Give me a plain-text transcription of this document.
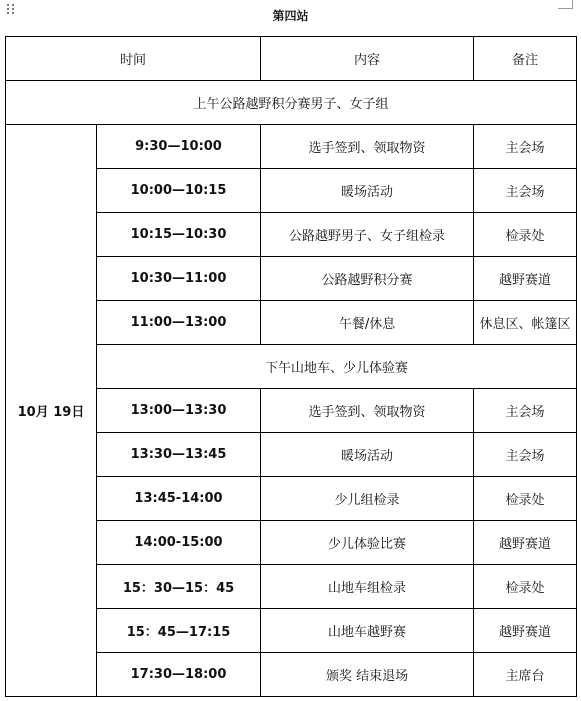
第四站
时间		内容	备注
上午公路越野积分赛男子、女子组			
10月 19日	9:30—10:00	选手签到、领取物资	主会场
	10:00—10:15	暖场活动	主会场
	10:15—10:30	公路越野男子、女子组检录	检录处
	10:30—11:00	公路越野积分赛	越野赛道
	11:00—13:00	午餐/休息	休息区、帐篷区
	下午山地车、少儿体验赛		
	13:00—13:30	选手签到、领取物资	主会场
	13:30—13:45	暖场活动	主会场
	13:45-14:00	少儿组检录	检录处
	14:00-15:00	少儿体验比赛	越野赛道
	15：30—15：45	山地车组检录	检录处
	15：45—17:15	山地车越野赛	越野赛道
	17:30—18:00	颁奖 结束退场	主席台
